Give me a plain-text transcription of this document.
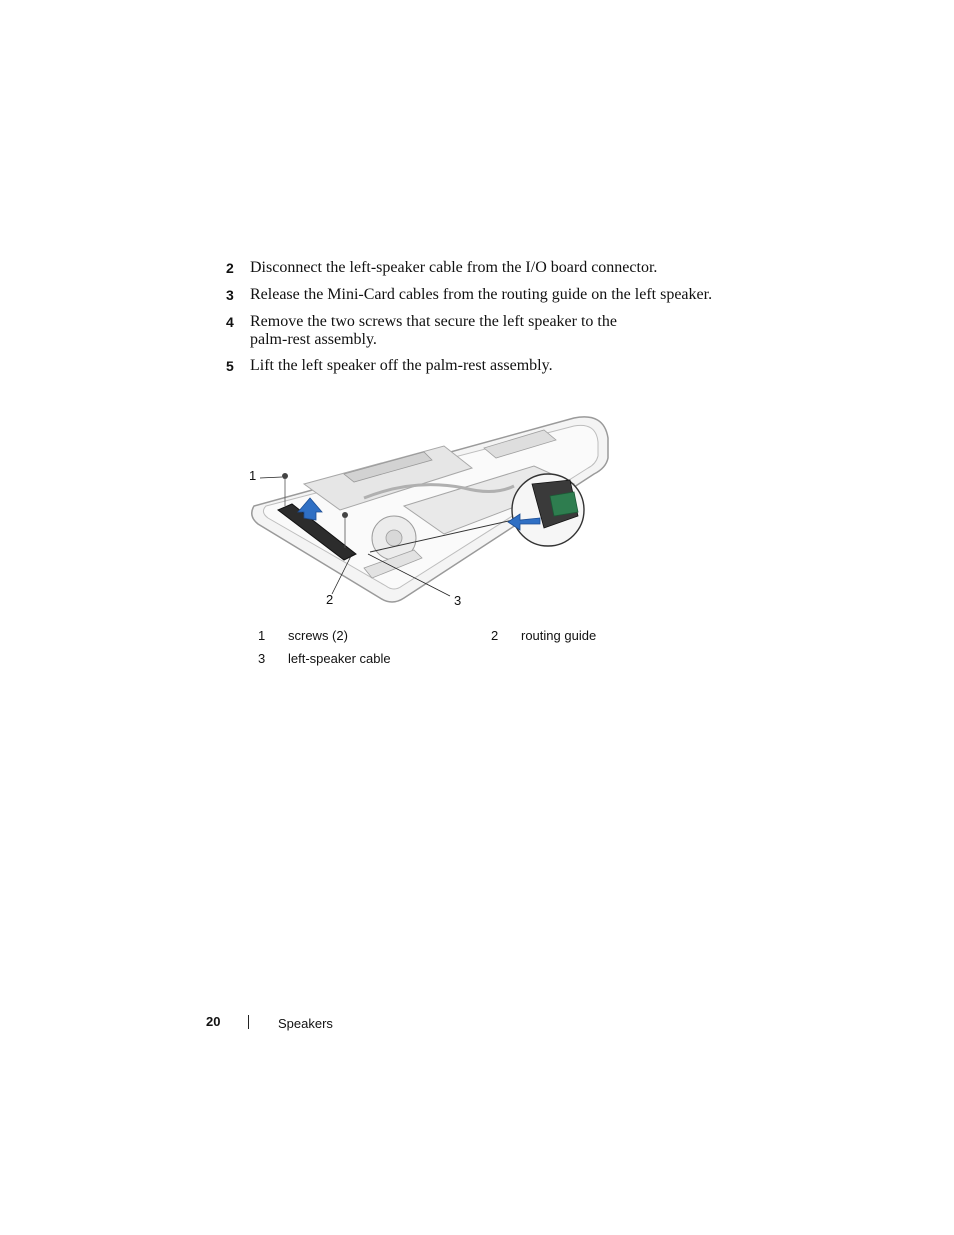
2	Disconnect the left-speaker cable from the I/O board connector.
3	Release the Mini-Card cables from the routing guide on the left speaker.
4	Remove the two screws that secure the left speaker to the palm-rest assembly.
5	Lift the left speaker off the palm-rest assembly.
1
2	3
1 screws (2)	2 routing guide
3 left-speaker cable
20	Speakers
